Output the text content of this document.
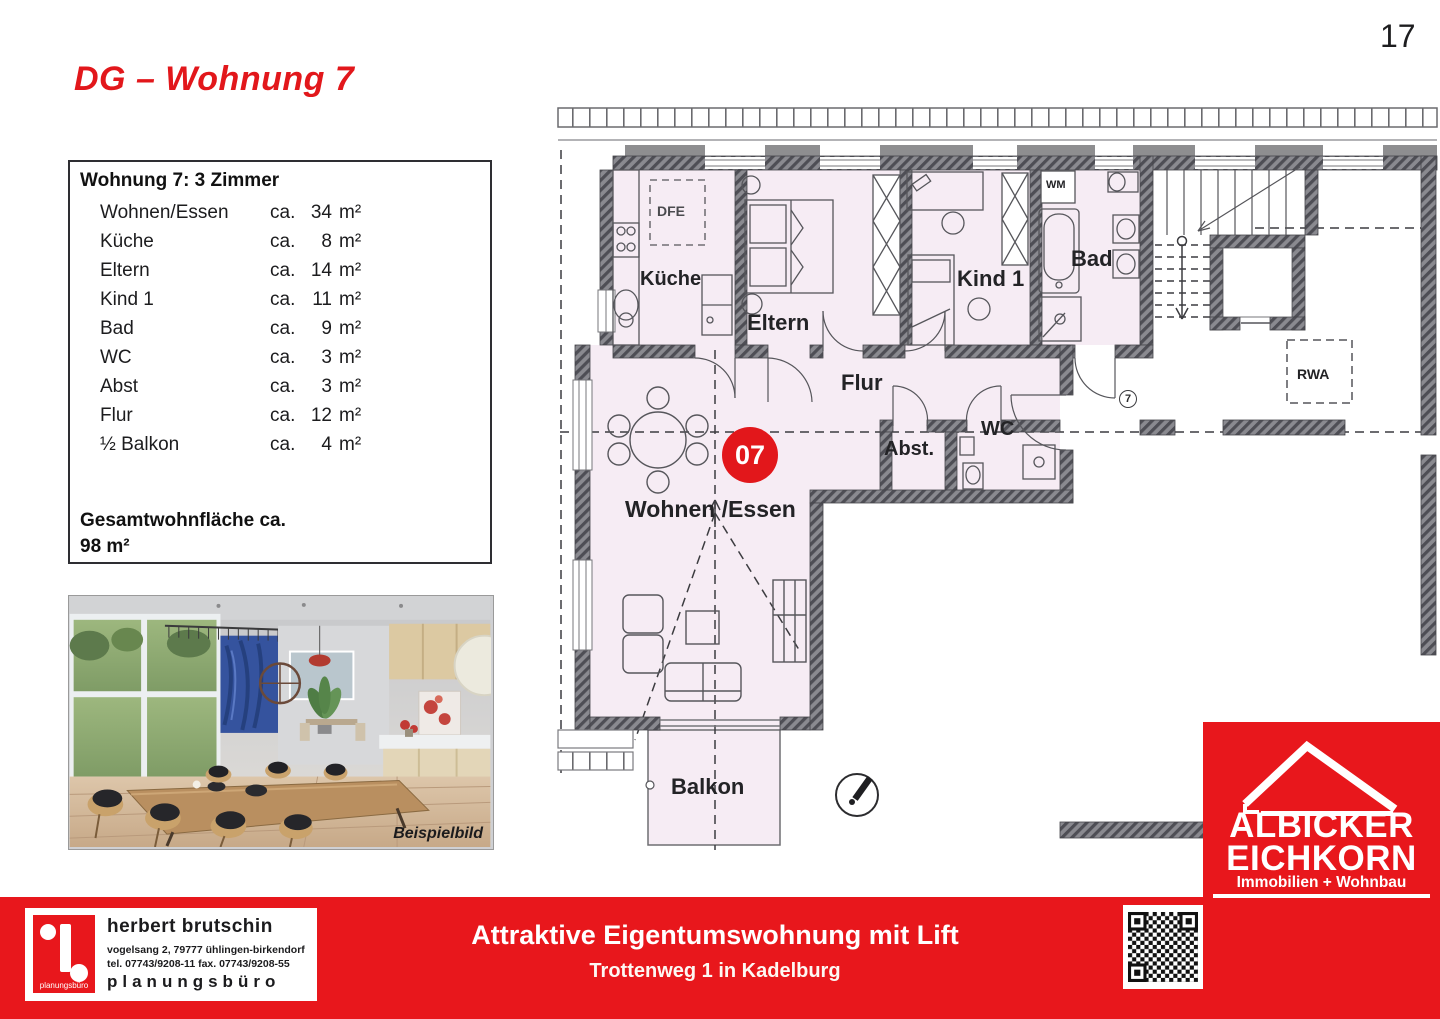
17
DG – Wohnung 7
Wohnung 7: 3 Zimmer
Wohnen/Essen	ca. 34 m²
Küche	ca.	8 m²
Eltern	ca. 14 m²
Kind 1	ca. 11 m²
Bad	ca.	9 m²
WC	ca.	3 m²
Abst	ca.	3 m²
Flur	ca. 12 m²
½ Balkon	ca.	4 m²
Gesamtwohnfläche ca.
98 m²
Beispielbild
Küche
Eltern
Kind 1
Bad
Flur
Abst.
WC
Wohnen /Essen
Balkon
RWA
WM
DFE
07
7
planungsbüro
herbert brutschin
vogelsang 2, 79777 ühlingen-birkendorf
tel. 07743/9208-11 fax. 07743/9208-55
planungsbüro
Attraktive Eigentumswohnung mit Lift
Trottenweg 1 in Kadelburg
ALBICKER
EICHKORN
Immobilien + Wohnbau
